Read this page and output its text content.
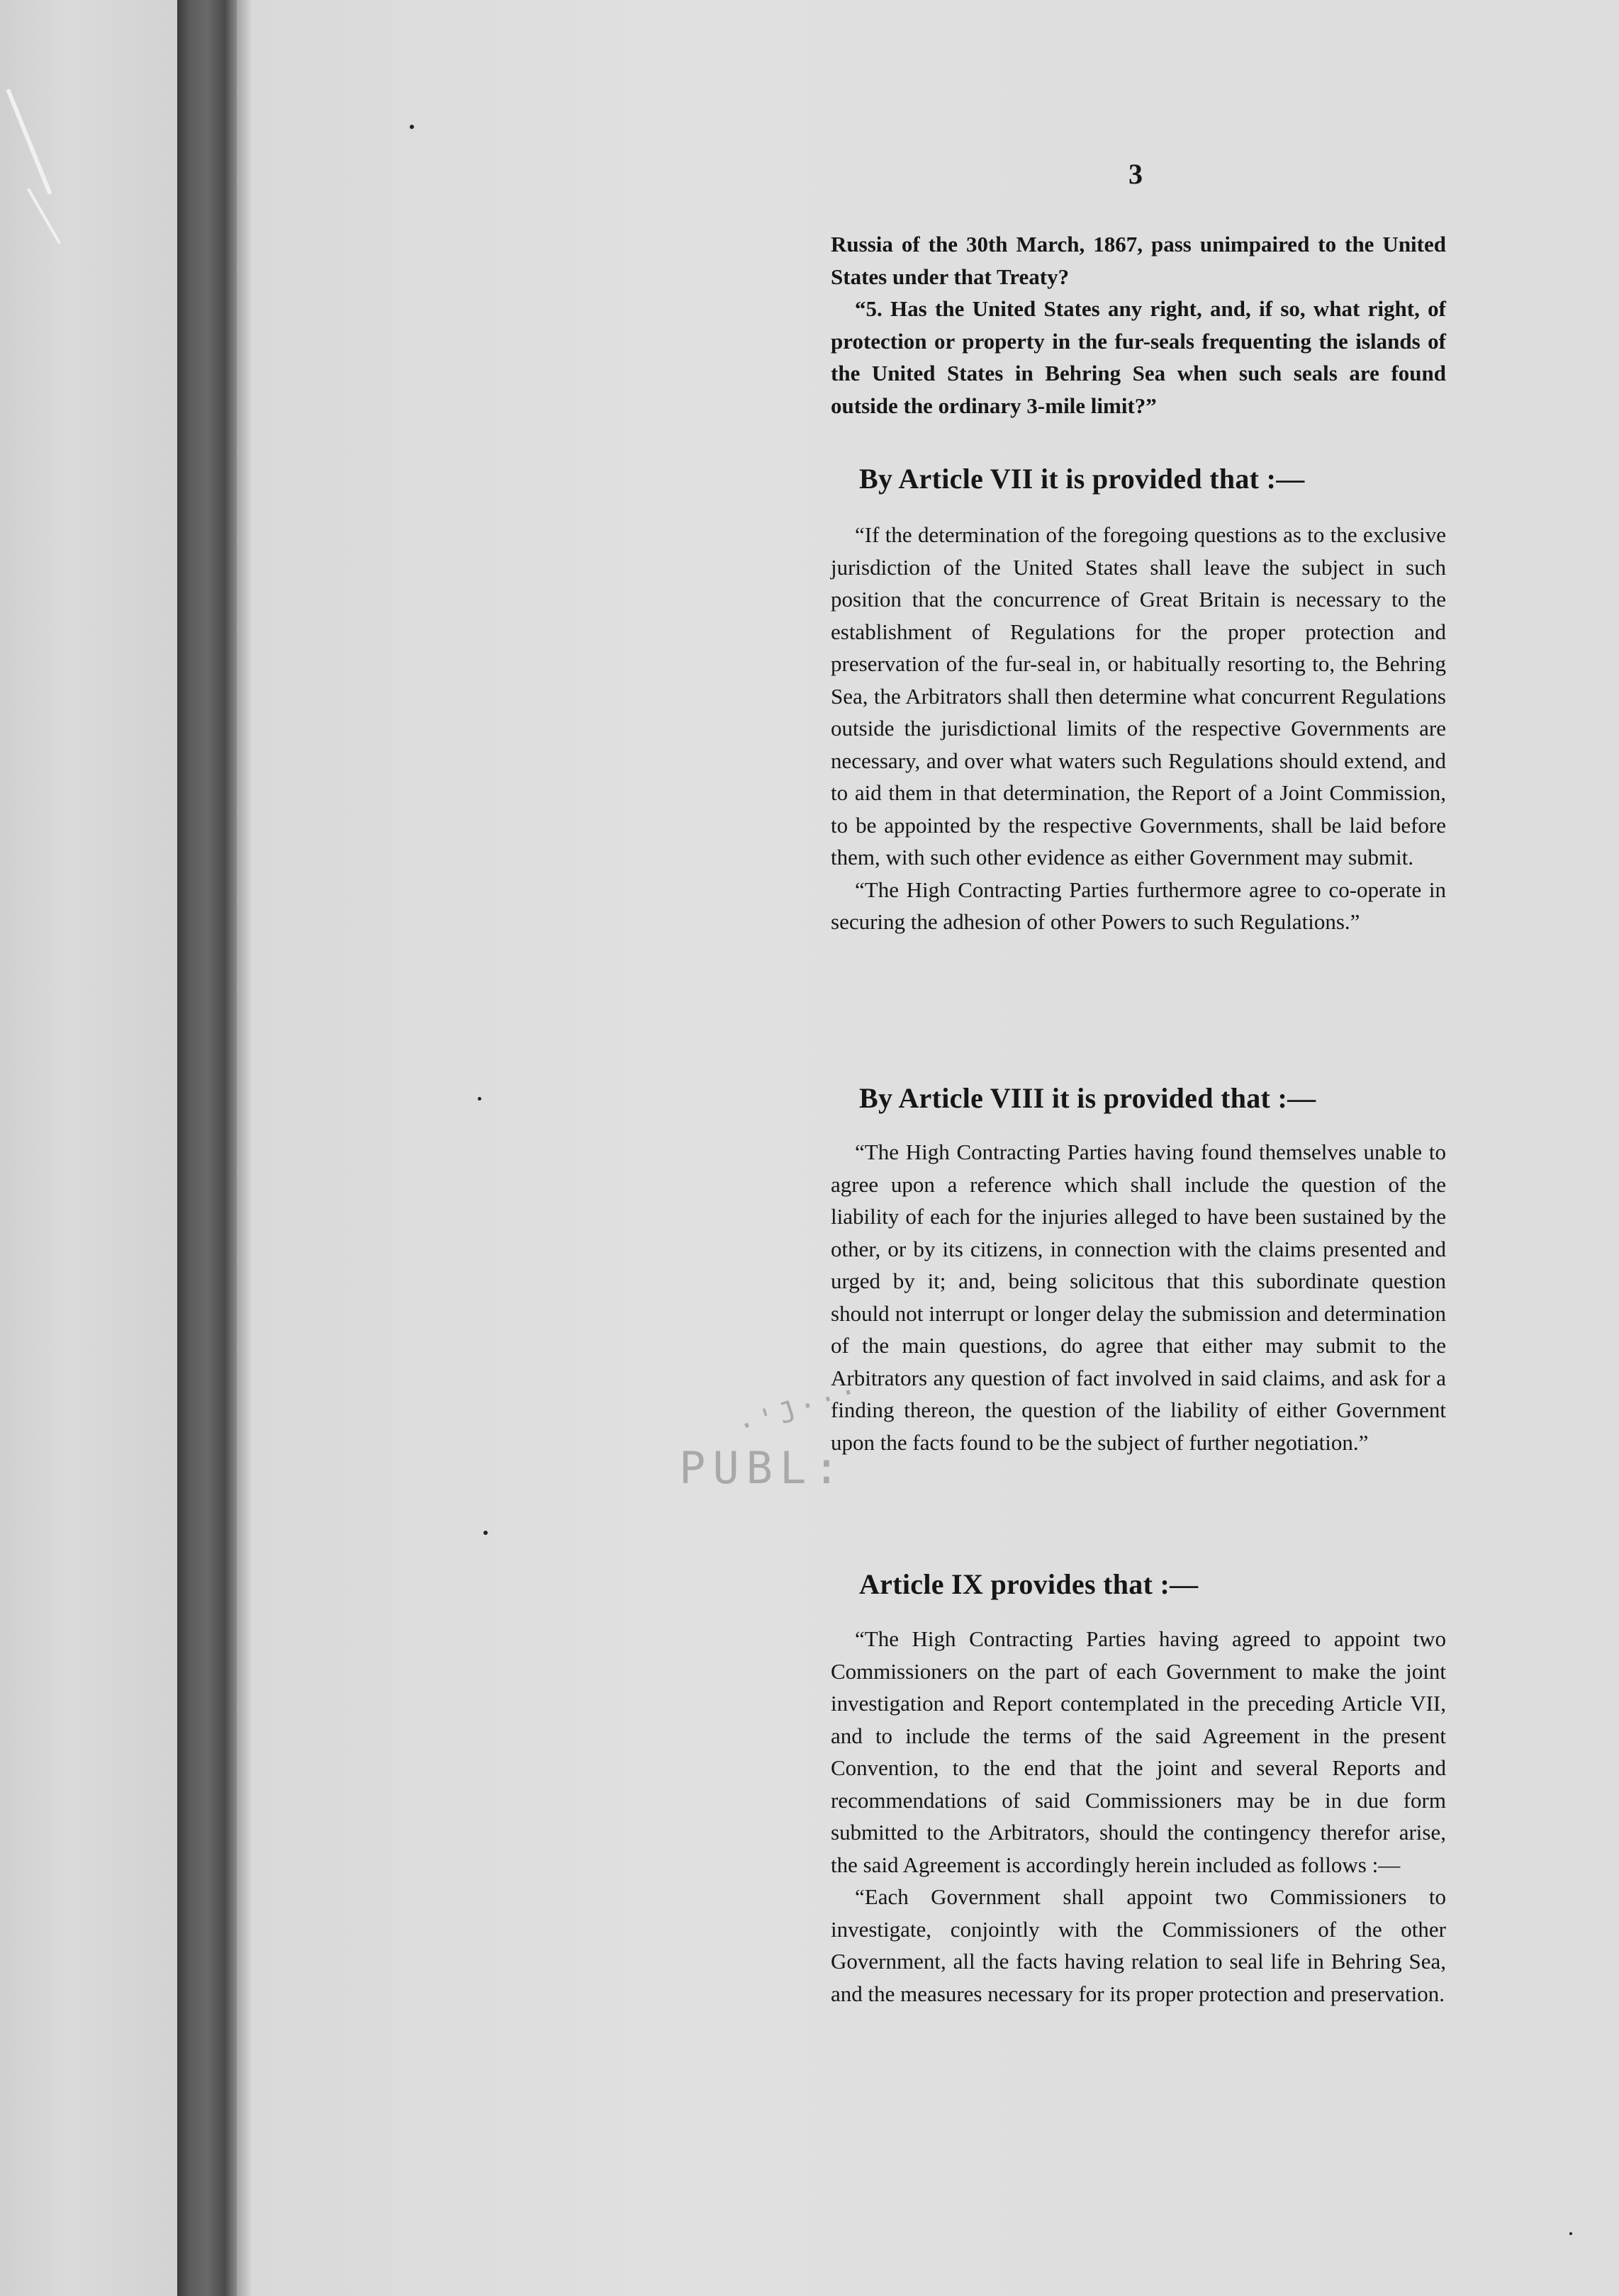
3

Russia of the 30th March, 1867, pass unimpaired to the United States under that Treaty?

“5. Has the United States any right, and, if so, what right, of protection or property in the fur-seals frequenting the islands of the United States in Behring Sea when such seals are found outside the ordinary 3-mile limit?”

By Article VII it is provided that :—

“If the determination of the foregoing questions as to the exclusive jurisdiction of the United States shall leave the subject in such position that the concurrence of Great Britain is necessary to the establishment of Regulations for the proper protection and preservation of the fur-seal in, or habitually resorting to, the Behring Sea, the Arbitrators shall then determine what concurrent Regulations outside the jurisdictional limits of the respective Governments are necessary, and over what waters such Regulations should extend, and to aid them in that determination, the Report of a Joint Commission, to be appointed by the respective Governments, shall be laid before them, with such other evidence as either Government may submit.

“The High Contracting Parties furthermore agree to co-operate in securing the adhesion of other Powers to such Regulations.”

By Article VIII it is provided that :—

“The High Contracting Parties having found themselves unable to agree upon a reference which shall include the question of the liability of each for the injuries alleged to have been sustained by the other, or by its citizens, in connection with the claims presented and urged by it; and, being solicitous that this subordinate question should not interrupt or longer delay the submission and determination of the main questions, do agree that either may submit to the Arbitrators any question of fact involved in said claims, and ask for a finding thereon, the question of the liability of either Government upon the facts found to be the subject of further negotiation.”

Article IX provides that :—

“The High Contracting Parties having agreed to appoint two Commissioners on the part of each Government to make the joint investigation and Report contemplated in the preceding Article VII, and to include the terms of the said Agreement in the present Convention, to the end that the joint and several Reports and recommendations of said Commissioners may be in due form submitted to the Arbitrators, should the contingency therefor arise, the said Agreement is accordingly herein included as follows :—

“Each Government shall appoint two Commissioners to investigate, conjointly with the Commissioners of the other Government, all the facts having relation to seal life in Behring Sea, and the measures necessary for its proper protection and preservation.

·'J···
PUBL:
